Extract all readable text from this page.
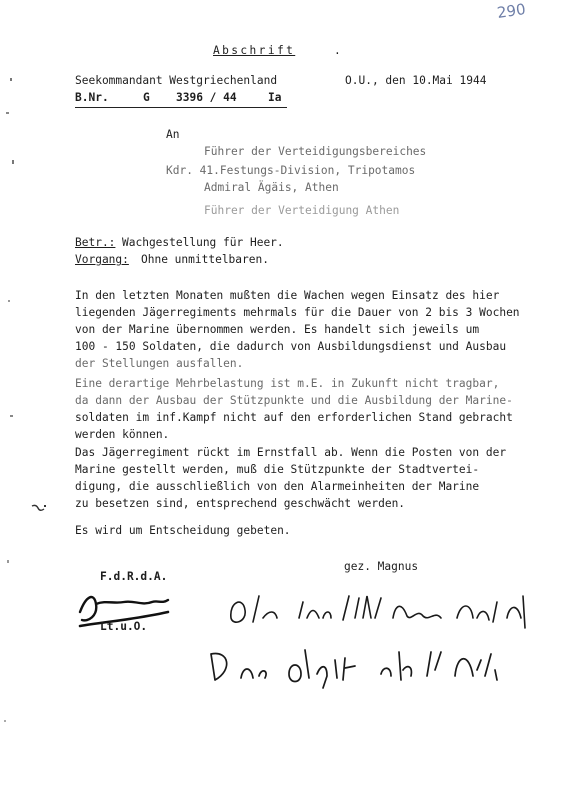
290
Abschrift	.
Seekommandant Westgriechenland	O.U., den 10.Mai 1944
B.Nr.	G 3396 / 44	Ia
An
Führer der Verteidigungsbereiches
Kdr. 41.Festungs-Division, Tripotamos
Admiral Ägäis, Athen
Führer der Verteidigung Athen
Betr.: Wachgestellung für Heer.
Vorgang: Ohne unmittelbaren.
In den letzten Monaten mußten die Wachen wegen Einsatz des hier
liegenden Jägerregiments mehrmals für die Dauer von 2 bis 3 Wochen
von der Marine übernommen werden. Es handelt sich jeweils um
100 - 150 Soldaten, die dadurch von Ausbildungsdienst und Ausbau
der Stellungen ausfallen.
Eine derartige Mehrbelastung ist m.E. in Zukunft nicht tragbar,
da dann der Ausbau der Stützpunkte und die Ausbildung der Marine-
soldaten im inf.Kampf nicht auf den erforderlichen Stand gebracht
werden können.
Das Jägerregiment rückt im Ernstfall ab. Wenn die Posten von der
Marine gestellt werden, muß die Stützpunkte der Stadtvertei-
digung, die ausschließlich von den Alarmeinheiten der Marine
zu besetzen sind, entsprechend geschwächt werden.
Es wird um Entscheidung gebeten.
gez. Magnus
F.d.R.d.A.
Lt.u.O.
